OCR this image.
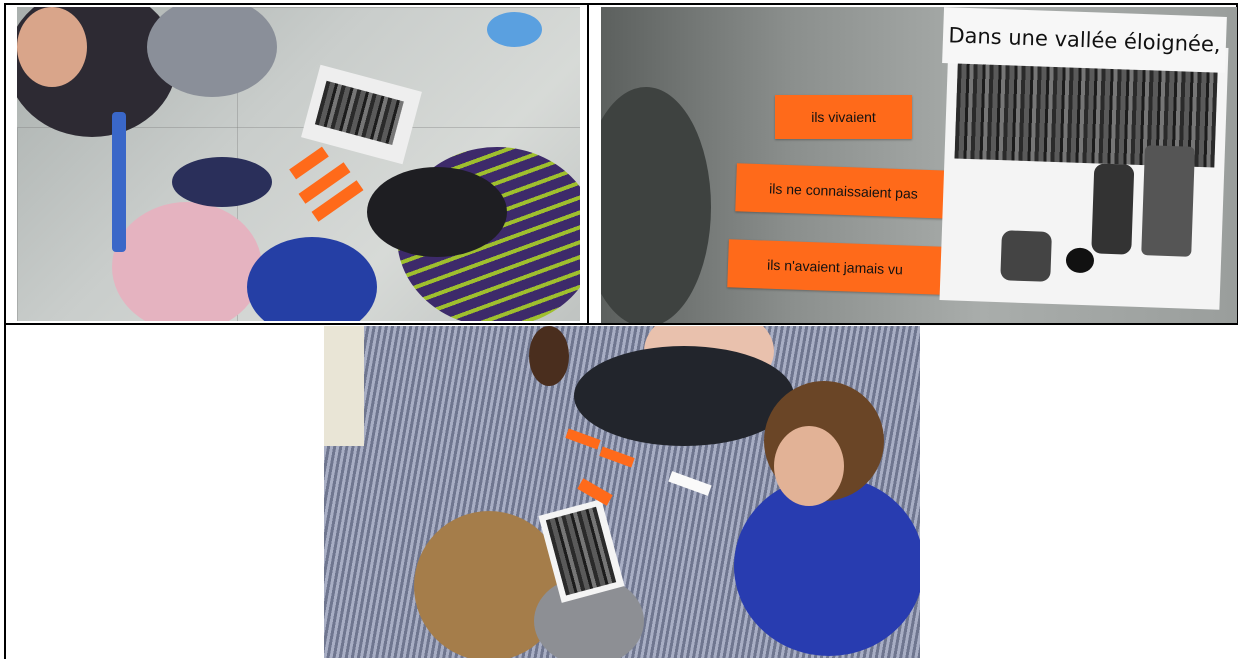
ils vivaient
ils ne connaissaient pas
ils n'avaient jamais vu
Dans une vallée éloignée,
